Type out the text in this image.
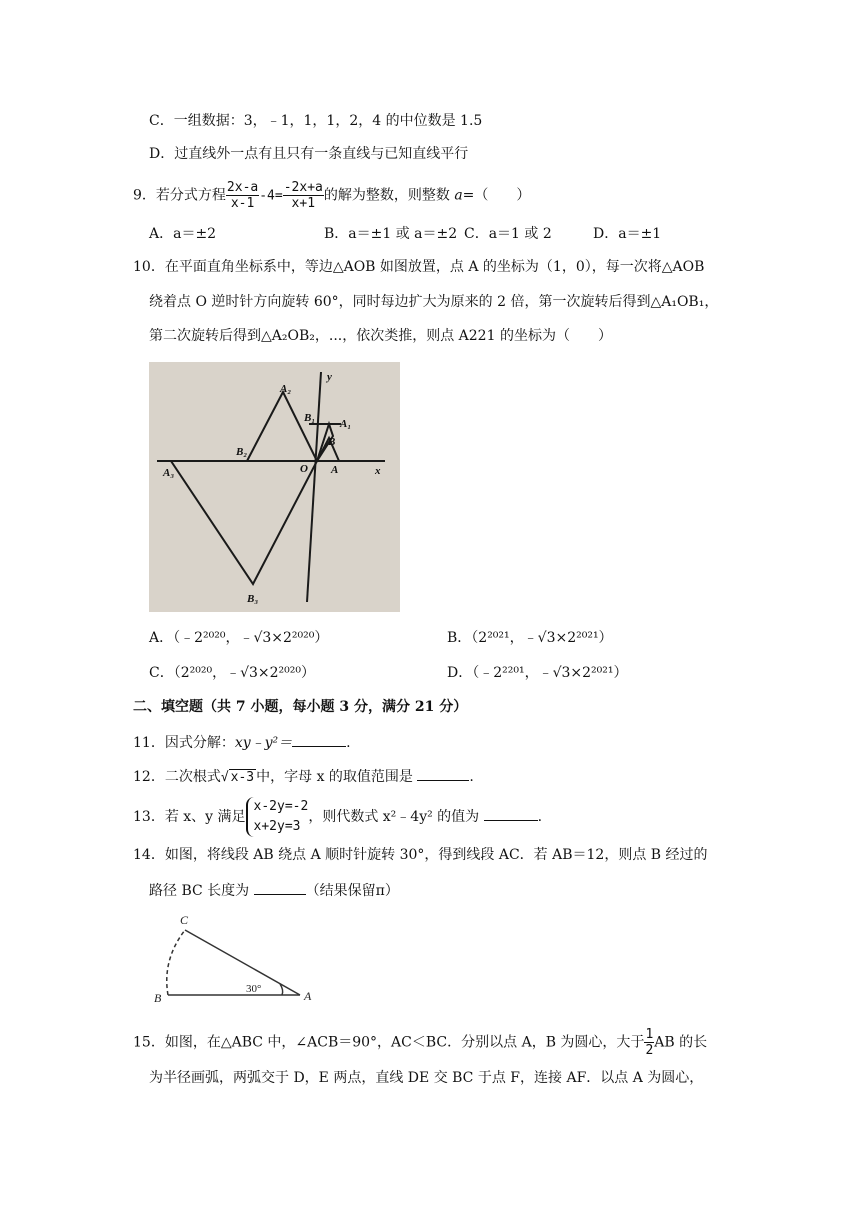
C．一组数据：3，﹣1，1，1，2，4 的中位数是 1.5
D．过直线外一点有且只有一条直线与已知直线平行
9．若分式方程 $\frac{2x-a}{x-1} -4= \frac{-2x+a}{x+1}$ 的解为整数，则整数 a=（　　）
A．a＝±2	B．a＝±1 或 a＝±2 C．a＝1 或 2	D．a＝±1
10．在平面直角坐标系中，等边△AOB 如图放置，点 A 的坐标为（1，0），每一次将△AOB
绕着点 O 逆时针方向旋转 60°，同时每边扩大为原来的 2 倍，第一次旋转后得到△A₁OB₁，
第二次旋转后得到△A₂OB₂，...，依次类推，则点 A221 的坐标为（　　）
A₂
B₁ A₁
B
B₂
O A	x
y
A₃
B₃
A．（﹣2²⁰²⁰，﹣√3×2²⁰²⁰）	B．（2²⁰²¹，﹣√3×2²⁰²¹）
C．（2²⁰²⁰，﹣√3×2²⁰²⁰）	D．（﹣2²²⁰¹，﹣√3×2²⁰²¹）
二、填空题（共 7 小题，每小题 3 分，满分 21 分）
11．因式分解：xy﹣y²＝	.
12．二次根式√ x-3 中，字母 x 的取值范围是	.
13．若 x、y 满足
x-2y=-2
x+2y=3
，则代数式 x²﹣4y² 的值为	.
14．如图，将线段 AB 绕点 A 顺时针旋转 30°，得到线段 AC．若 AB＝12，则点 B 经过的
路径 BC 长度为	（结果保留π）
C
B
30°	A
15．如图，在△ABC 中，∠ACB＝90°，AC＜BC．分别以点 A，B 为圆心，大于 $\frac{1}{2}$ AB 的长
为半径画弧，两弧交于 D，E 两点，直线 DE 交 BC 于点 F，连接 AF．以点 A 为圆心，
